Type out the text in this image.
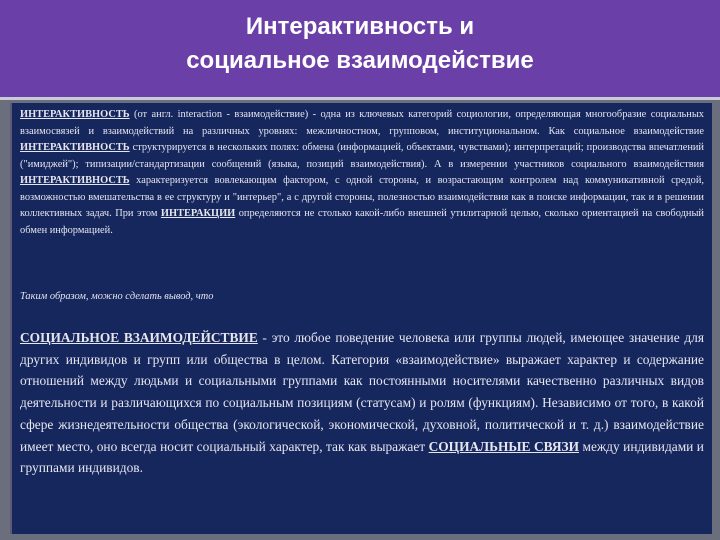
Интерактивность и
социальное взаимодействие
ИНТЕРАКТИВНОСТЬ (от англ. interaction - взаимодействие) - одна из ключевых категорий социологии, определяющая многообразие социальных взаимосвязей и взаимодействий на различных уровнях: межличностном, групповом, институциональном. Как социальное взаимодействие ИНТЕРАКТИВНОСТЬ структурируется в нескольких полях: обмена (информацией, объектами, чувствами); интерпретаций; производства впечатлений ("имиджей"); типизации/стандартизации сообщений (языка, позиций взаимодействия). А в измерении участников социального взаимодействия ИНТЕРАКТИВНОСТЬ характеризуется вовлекающим фактором, с одной стороны, и возрастающим контролем над коммуникативной средой, возможностью вмешательства в ее структуру и "интерьер", а с другой стороны, полезностью взаимодействия как в поиске информации, так и в решении коллективных задач. При этом ИНТЕРАКЦИИ определяются не столько какой-либо внешней утилитарной целью, сколько ориентацией на свободный обмен информацией.
Таким образом, можно сделать вывод, что
СОЦИАЛЬНОЕ ВЗАИМОДЕЙСТВИЕ - это любое поведение человека или группы людей, имеющее значение для других индивидов и групп или общества в целом. Категория «взаимодействие» выражает характер и содержание отношений между людьми и социальными группами как постоянными носителями качественно различных видов деятельности и различающихся по социальным позициям (статусам) и ролям (функциям). Независимо от того, в какой сфере жизнедеятельности общества (экологической, экономической, духовной, политической и т. д.) взаимодействие имеет место, оно всегда носит социальный характер, так как выражает СОЦИАЛЬНЫЕ СВЯЗИ между индивидами и группами индивидов.
